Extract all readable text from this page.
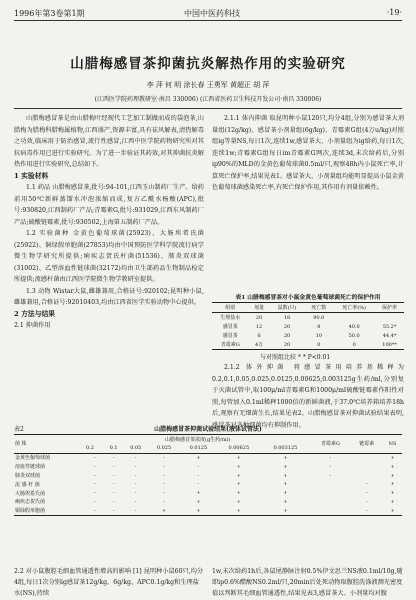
1996年第3卷第1期	中国中医药科技	·19·
山腊梅感冒茶抑菌抗炎解热作用的实验研究
李 萍 何 明 涂长春 王勇军 黄超正 胡 萍
(江西医学院药理教研室·南昌 330006) (江西省医药卫生科技开发公司·南昌 330006)

山腊梅感冒茶是由山腊梅叶经现代工艺加工制做而成的袋泡茶,山腊梅为腊梅科腊梅属植物,江西盛产,资源丰富,具有祛风解表,清热解毒之功效,临床用于防治感冒,流行性感冒,江西中医学院药物研究所对其抗病毒作用已进行实验研究。为了进一步验证其药效,对其抑菌抗炎解热作用进行实验研究,总结如下。

1 实验材料

1.1 药品 山腊梅感冒茶,批号:94-101,江西玉山制药厂生产。给药前用50℃新鲜蒸馏水冲泡浓缩而成,复方乙酰水杨酸(APC),批号:930820,江西制药厂产品;青霉素G,批号:931029,江西东风制药厂产品;硫酸链霉素,批号:930502,上海第五制药厂产品。

1.2 实验菌种 金黄色葡萄球菌(25923)、大肠埃希氏菌(25922)、铜绿假单胞菌(27853)均由中国预防医学科学院流行病学微生物学研究所提供;痢疾志贺氏杆菌(51536)、肺炎双球菌(31002)、乙型溶血性链球菌(32172)均由卫生部药品生物制品检定所提供;流感杆菌由江西医学院微生物学教研室提供。

1.3 动物 Wistar大鼠,雌雄兼用,合格证号:920102;昆明种小鼠,雌雄兼用,合格证号:92010403,均由江西省医学实验动物中心提供。

2 方法与结果
2.1 抑菌作用

2.1.1 体内抑菌 取昆明种小鼠120只,均分4组,分别为感冒茶大剂量组(12g/kg)、感冒茶小剂量组(6g/kg)、青霉素G组(4万u/kg)对照组ig等量NS,每日1次,连续1w,感冒茶大、小剂量组为ig给药,每日1次,连续1w;青霉素G组每日im青霉素G网次,连续3d,末次给药后,分别ip90%的MLD的金黄色葡萄球菌0.5ml/只,观察48h内小鼠死亡率,计算死亡保护率,结果见表1。感冒茶大、小剂量组均能明显提高小鼠金黄色葡萄球菌感染死亡率,有死亡保护作用,其作用有剂量依赖性。

表1 山腊梅感冒茶对小鼠金黄色葡萄球菌死亡的保护作用
组别	剂量	鼠数(只)	死亡数	死亡率(%)	保护率
生理盐水	20	18	90.0		
感冒茶	12	20	8	40.0	55.2*
感冒茶	6	20	10	50.0	44.4*
青霉素G	4万	20	0	0	100**
与对照组比较 * * P<0.01

2.1.2 体外抑菌 将感冒茶用培养基稀释为0.2,0.1,0.05,0.025,0.0125,0.00625,0.003125g生药/ml,分别复于灭菌试管中,取100μ/ml青霉素G和1000μ/ml硫酸链霉素作阳性对照,每管加入0.1ml稀释1000倍的新鲜菌液,于37.0℃培养箱培养18h后,观察有无细菌生长,结果见表2。山腊梅感冒茶对抑菌试验结果表明,感冒茶对各种细菌均有抑制作用。

表2	山腊梅感冒茶抑菌试验结果(液体试管法)
菌 株	山腊梅感冒茶浓度(g生药/ml)							青霉素G	链霉素	NS
	0.2	0.1	0.05	0.025	0.0125	0.00625	0.003125			
金黄色葡萄球菌	-	-	-	-	+	+	+	-		+
溶血性链球菌	-	-	-	-	-	+	+	-		+
肺炎双球菌	-	-	-	-	-	+	+	-		+
流 感 杆 菌	-	-	-	-	-	+	+		-	+
大肠埃希氏菌	-	-	-	-	+	+	+		-	+
痢疾志贺氏菌	-	-	-	-	+	+	+		-	+
铜绿假单胞菌	-	-	-	+	+	+	+		-	+
2.2 对小鼠腹腔毛细血管通透性增高的影响 [1] 昆明种小鼠60只,均分4组,每日1次分别ig感冒茶12g/kg、6g/kg、APC0.1g/kg和生理盐水(NS),持续
1w,末次给药1h后,各鼠尾静脉注射0.5%伊文思兰NS液0.1ml/10g,随即ip0.6%醋酸NS0.2ml/只,20min后处死动物取腹腔洗涤液测光密度值以判断其毛细血管通透性,结果见表3,感冒茶大、小剂量均对腹
